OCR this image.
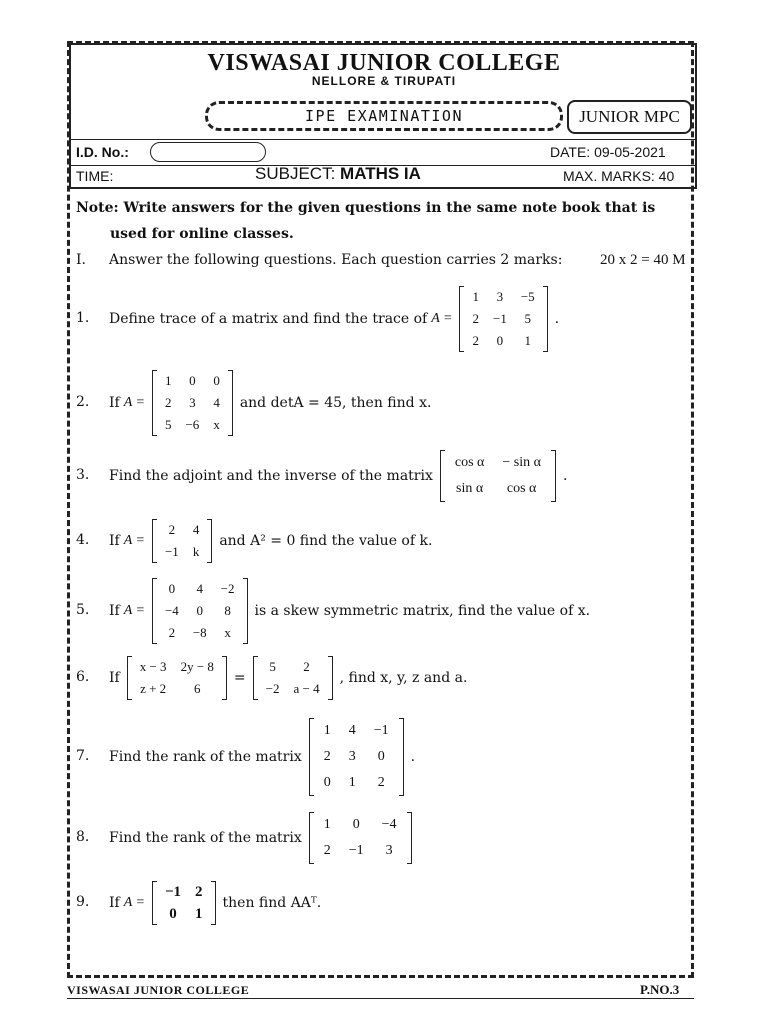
VISWASAI JUNIOR COLLEGE
NELLORE & TIRUPATI
IPE EXAMINATION	JUNIOR MPC
I.D. No.:	DATE: 09-05-2021
TIME:	SUBJECT: MATHS IA	MAX. MARKS: 40
Note: Write answers for the given questions in the same note book that is
used for online classes.
I. Answer the following questions. Each question carries 2 marks:	20 x 2 = 40 M
1. Define trace of a matrix and find the trace of A =
1	3	−5
2	−1	5
2	0	1
.
2. If A =
1	0	0
2	3	4
5	−6	x
and detA = 45, then find x.
3. Find the adjoint and the inverse of the matrix
cos α	− sin α
sin α	cos α
.
4. If A =
2	4
−1	k
and A² = 0 find the value of k.
5. If A =
0	4	−2
−4	0	8
2	−8	x
is a skew symmetric matrix, find the value of x.
6. If
x − 3	2y − 8
z + 2	6
=
5	2
−2	a − 4
, find x, y, z and a.
7. Find the rank of the matrix
1	4	−1
2	3	0
0	1	2
.
8. Find the rank of the matrix
1	0	−4
2	−1	3
9. If A =
−1	2
0	1
then find AAᵀ.
VISWASAI JUNIOR COLLEGE	P.NO.3
